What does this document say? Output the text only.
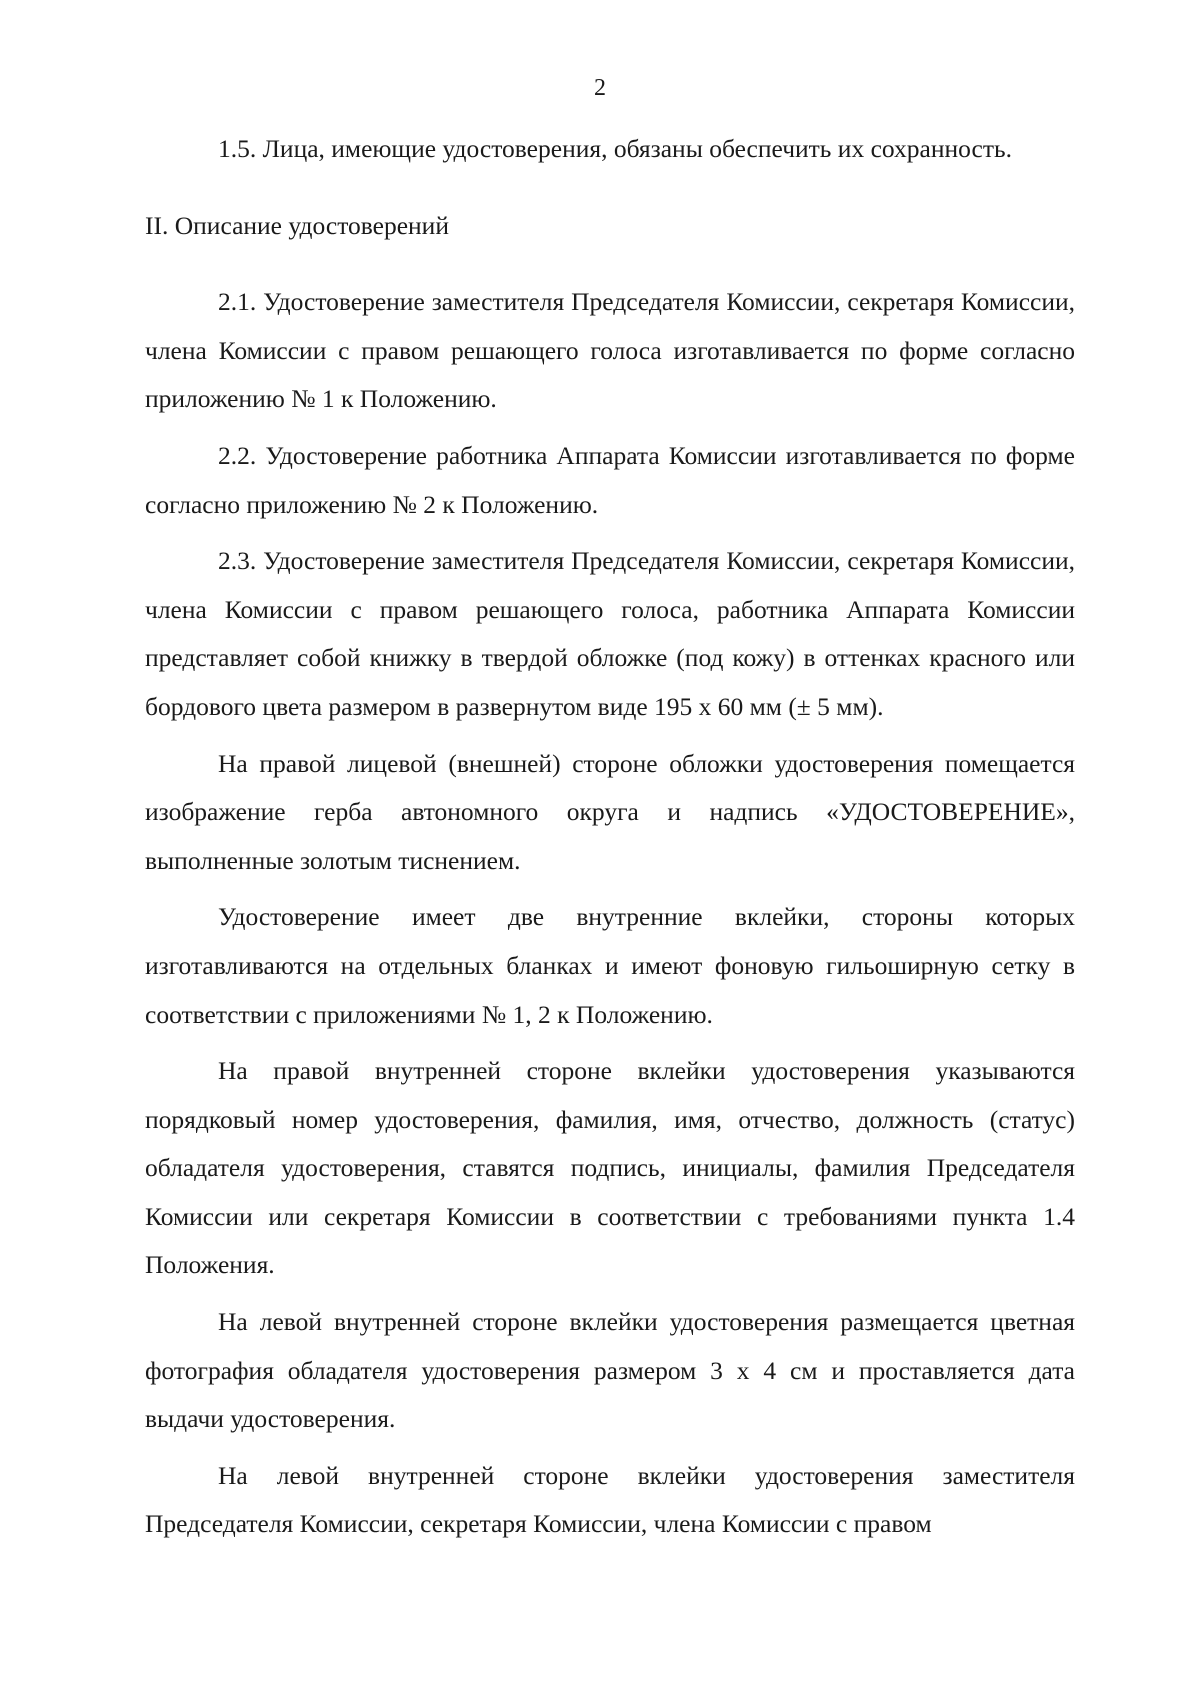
2

1.5. Лица, имеющие удостоверения, обязаны обеспечить их сохранность.

II. Описание удостоверений

2.1. Удостоверение заместителя Председателя Комиссии, секретаря Комиссии, члена Комиссии с правом решающего голоса изготавливается по форме согласно приложению № 1 к Положению.

2.2. Удостоверение работника Аппарата Комиссии изготавливается по форме согласно приложению № 2 к Положению.

2.3. Удостоверение заместителя Председателя Комиссии, секретаря Комиссии, члена Комиссии с правом решающего голоса, работника Аппарата Комиссии представляет собой книжку в твердой обложке (под кожу) в оттенках красного или бордового цвета размером в развернутом виде 195 х 60 мм (± 5 мм).

На правой лицевой (внешней) стороне обложки удостоверения помещается изображение герба автономного округа и надпись «УДОСТОВЕРЕНИЕ», выполненные золотым тиснением.

Удостоверение имеет две внутренние вклейки, стороны которых изготавливаются на отдельных бланках и имеют фоновую гильоширную сетку в соответствии с приложениями № 1, 2 к Положению.

На правой внутренней стороне вклейки удостоверения указываются порядковый номер удостоверения, фамилия, имя, отчество, должность (статус) обладателя удостоверения, ставятся подпись, инициалы, фамилия Председателя Комиссии или секретаря Комиссии в соответствии с требованиями пункта 1.4 Положения.

На левой внутренней стороне вклейки удостоверения размещается цветная фотография обладателя удостоверения размером 3 х 4 см и проставляется дата выдачи удостоверения.

На левой внутренней стороне вклейки удостоверения заместителя Председателя Комиссии, секретаря Комиссии, члена Комиссии с правом
